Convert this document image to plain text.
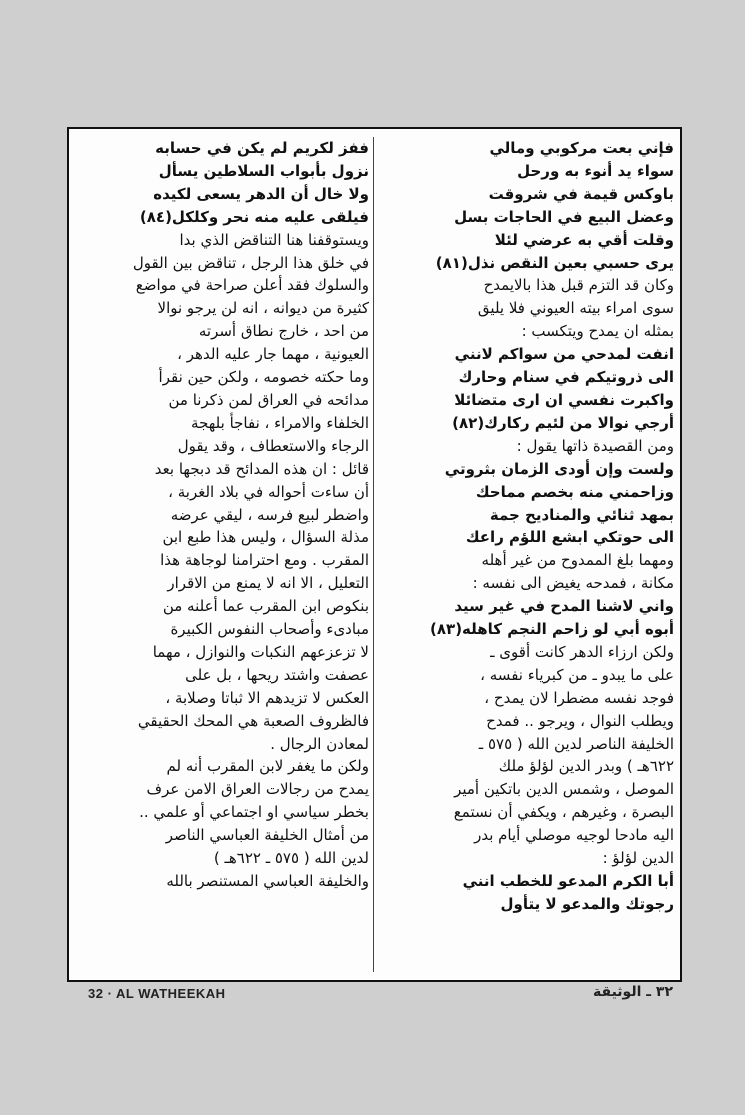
فإني بعت مركوبي ومالي
سواء يد أنوء به ورحل
باوكس قيمة في شروقت
وعضل البيع في الحاجات بسل
وقلت أقي به عرضي لئلا
يرى حسبي بعين النقص نذل(٨١)
وكان قد التزم قبل هذا بالايمدح
سوى امراء بيته العيوني فلا يليق
بمثله ان يمدح ويتكسب :
انفت لمدحي من سواكم لانني
الى ذروتيكم في سنام وحارك
واكبرت نفسي ان ارى متضائلا
أرجي نوالا من لئيم ركارك(٨٢)
ومن القصيدة ذاتها يقول :
ولست وإن أودى الزمان بثروتي
وزاحمني منه بخصم مماحك
بمهد ثنائي والمناديح جمة
الى حوتكي ابشع اللؤم راعك
ومهما بلغ الممدوح من غير أهله
مكانة ، فمدحه يغيض الى نفسه :
واني لاشنا المدح في غير سيد
أبوه أبي لو زاحم النجم كاهله(٨٣)
ولكن ارزاء الدهر كانت أقوى ـ
على ما يبدو ـ من كبرياء نفسه ،
فوجد نفسه مضطرا لان يمدح ،
ويطلب النوال ، ويرجو .. فمدح
الخليفة الناصر لدين الله ( ٥٧٥ ـ
٦٢٢هـ ) وبدر الدين لؤلؤ ملك
الموصل ، وشمس الدين باتكين أمير
البصرة ، وغيرهم ، ويكفي أن نستمع
اليه مادحا لوجيه موصلي أيام بدر
الدين لؤلؤ :
أبا الكرم المدعو للخطب انني
رجوتك والمدعو لا يتأول
ففز لكريم لم يكن في حسابه
نزول بأبواب السلاطين يسأل
ولا خال أن الدهر يسعى لكيده
فيلقى عليه منه نحر وكلكل(٨٤)
ويستوقفنا هنا التناقض الذي بدا
في خلق هذا الرجل ، تناقض بين القول
والسلوك فقد أعلن صراحة في مواضع
كثيرة من ديوانه ، انه لن يرجو نوالا
من احد ، خارج نطاق أسرته
العيونية ، مهما جار عليه الدهر ،
وما حكته خصومه ، ولكن حين نقرأ
مدائحه في العراق لمن ذكرنا من
الخلفاء والامراء ، نفاجأ بلهجة
الرجاء والاستعطاف ، وقد يقول
قائل : ان هذه المدائح قد دبجها بعد
أن ساءت أحواله في بلاد الغربة ،
واضطر لبيع فرسه ، ليقي عرضه
مذلة السؤال ، وليس هذا طبع ابن
المقرب . ومع احترامنا لوجاهة هذا
التعليل ، الا انه لا يمنع من الاقرار
بنكوص ابن المقرب عما أعلنه من
مبادىء وأصحاب النفوس الكبيرة
لا تزعزعهم النكبات والنوازل ، مهما
عصفت واشتد ريحها ، بل على
العكس لا تزيدهم الا ثباتا وصلابة ،
فالظروف الصعبة هي المحك الحقيقي
لمعادن الرجال .
ولكن ما يغفر لابن المقرب أنه لم
يمدح من رجالات العراق الامن عرف
بخطر سياسي او اجتماعي أو علمي ..
من أمثال الخليفة العباسي الناصر
لدين الله ( ٥٧٥ ـ ٦٢٢هـ )
والخليفة العباسي المستنصر بالله
32 · AL WATHEEKAH	٣٢ ـ الوثيقة
